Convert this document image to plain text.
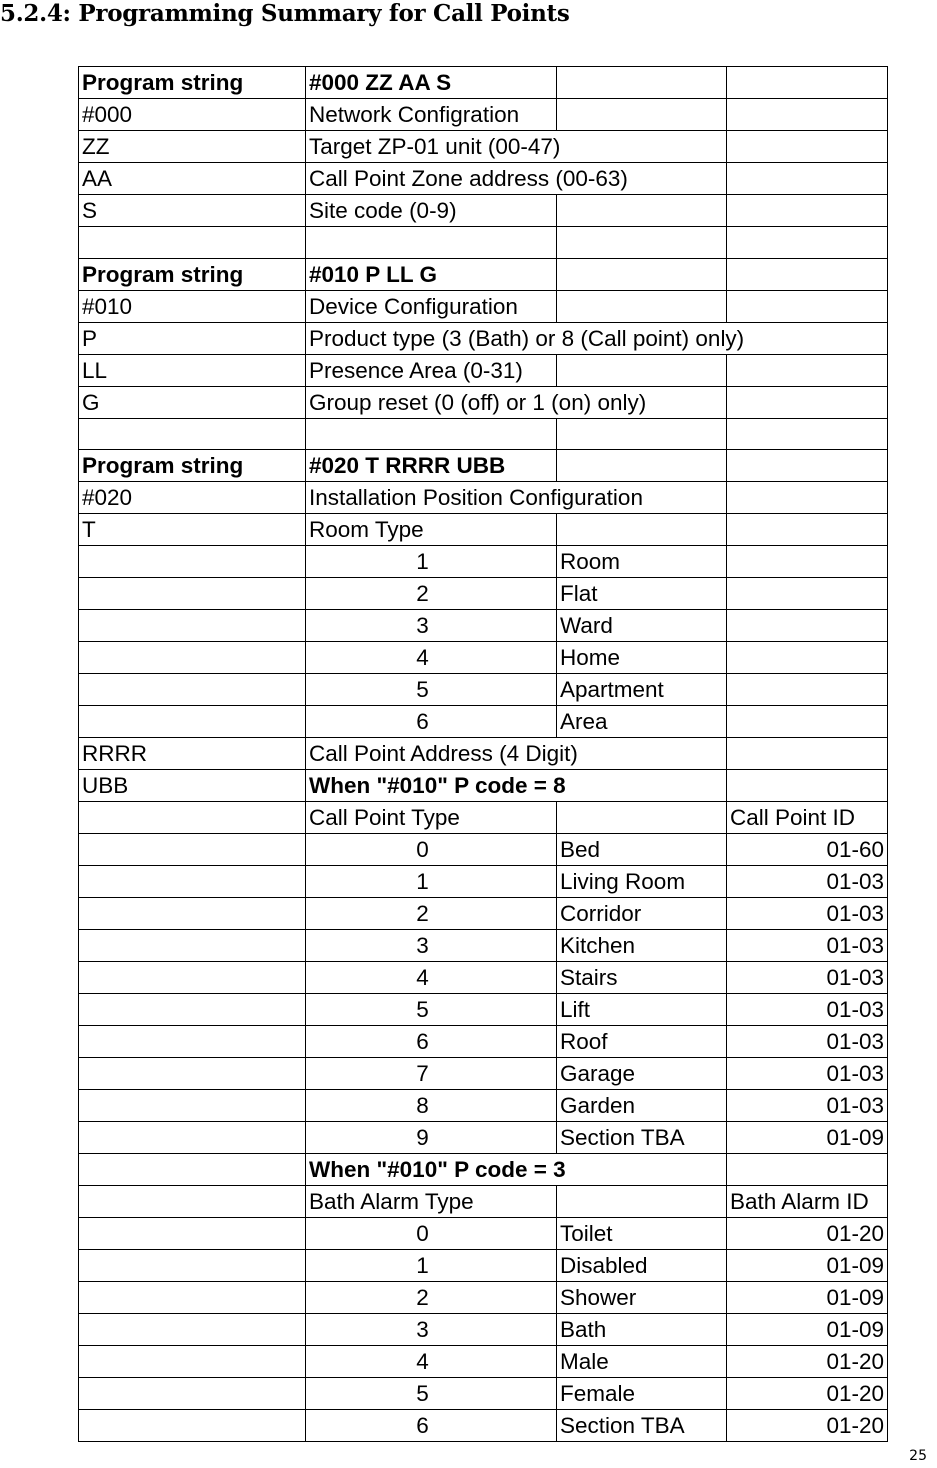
5.2.4: Programming Summary for Call Points
Program string	#000 ZZ AA S		
#000	Network Configration		
ZZ	Target ZP-01 unit (00-47)		
AA	Call Point Zone address (00-63)		
S	Site code (0-9)		

Program string	#010 P LL G		
#010	Device Configuration		
P	Product type (3 (Bath) or 8 (Call point) only)		
LL	Presence Area (0-31)		
G	Group reset (0 (off) or 1 (on) only)		

Program string	#020 T RRRR UBB		
#020	Installation Position Configuration		
T	Room Type		
	1	Room	
	2	Flat	
	3	Ward	
	4	Home	
	5	Apartment	
	6	Area	
RRRR	Call Point Address (4 Digit)		
UBB	When "#010" P code = 8		
	Call Point Type		Call Point ID
	0	Bed	01-60
	1	Living Room	01-03
	2	Corridor	01-03
	3	Kitchen	01-03
	4	Stairs	01-03
	5	Lift	01-03
	6	Roof	01-03
	7	Garage	01-03
	8	Garden	01-03
	9	Section TBA	01-09
	When "#010" P code = 3		
	Bath Alarm Type		Bath Alarm ID
	0	Toilet	01-20
	1	Disabled	01-09
	2	Shower	01-09
	3	Bath	01-09
	4	Male	01-20
	5	Female	01-20
	6	Section TBA	01-20

25
